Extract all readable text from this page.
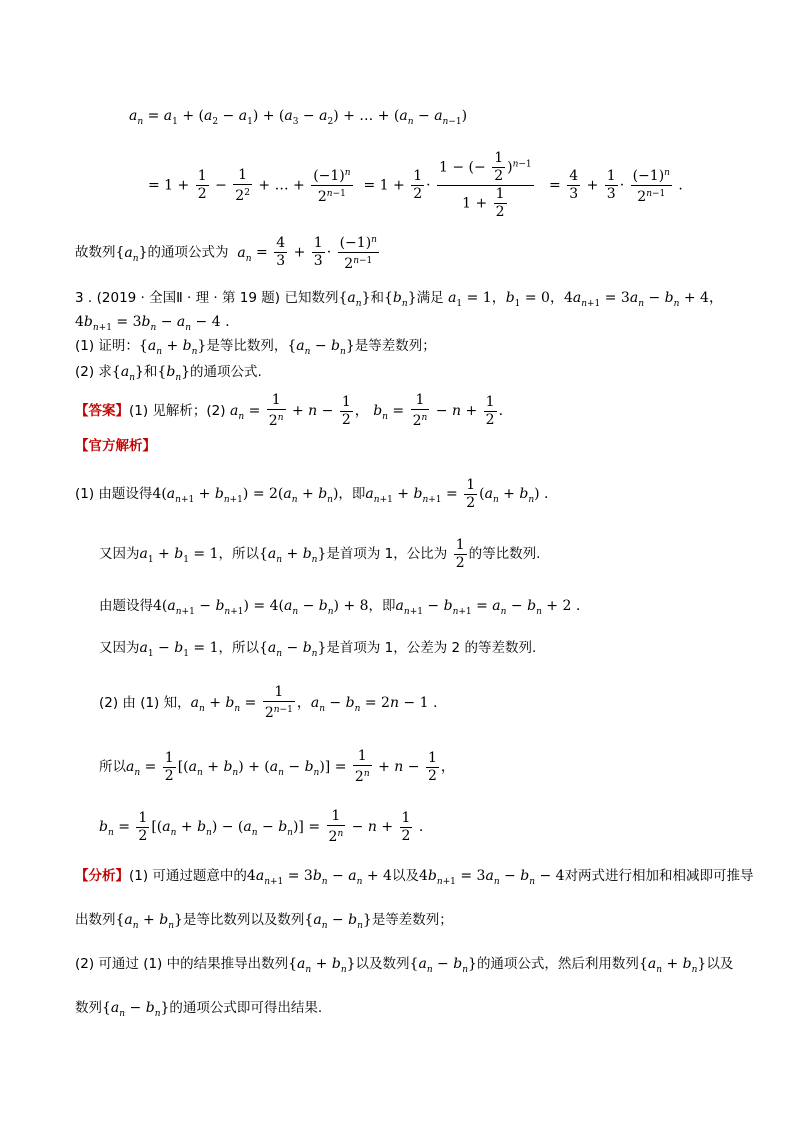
$a_n = a_1 + (a_2 - a_1) + (a_3 - a_2)$ + … + $(a_n - a_{n-1})$
= $1 + \frac{1}{2} - \frac{1}{2^2}$ + … + $\frac{(-1)^n}{2^{n-1}} = 1 + \frac{1}{2} \cdot \frac{1 - (- \frac{1}{2} )^{n-1}}{1 + \frac{1}{2}} = \frac{4}{3} + \frac{1}{3} \cdot \frac{(-1)^n}{2^{n-1}}$ .
故数列$\{a_n\}$的通项公式为 $a_n = \frac{4}{3} + \frac{1}{3} \cdot \frac{(-1)^n}{2^{n-1}}$
3 . (2019 · 全国Ⅱ · 理 · 第 19 题) 已知数列$\{a_n\}$和$\{b_n\}$满足 $a_1 = 1$，$b_1 = 0$，$4a_{n+1} = 3a_n - b_n + 4$，
$4b_{n+1} = 3b_n - a_n - 4$ .
(1) 证明：$\{a_n + b_n\}$是等比数列，$\{a_n - b_n\}$是等差数列；
(2) 求$\{a_n\}$和$\{b_n\}$的通项公式.
【答案】(1) 见解析；(2) $a_n = \frac{1}{2^n} + n - \frac{1}{2}$ ， $b_n = \frac{1}{2^n} - n + \frac{1}{2}$ .
【官方解析】
(1) 由题设得$4(a_{n+1} + b_{n+1}) = 2(a_n + b_n)$，即$a_{n+1} + b_{n+1} = \frac{1}{2} (a_n + b_n)$ .
又因为$a_1 + b_1 = 1$，所以$\{a_n + b_n\}$是首项为 1，公比为 $\frac{1}{2}$ 的等比数列.
由题设得$4(a_{n+1} - b_{n+1}) = 4(a_n - b_n) + 8$，即$a_{n+1} - b_{n+1} = a_n - b_n + 2$ .
又因为$a_1 - b_1 = 1$，所以$\{a_n - b_n\}$是首项为 1，公差为 2 的等差数列.
(2) 由 (1) 知，$a_n + b_n = \frac{1}{2^{n-1}}$ ，$a_n - b_n = 2n - 1$ .
所以$a_n = \frac{1}{2} [(a_n + b_n) + (a_n - b_n)] = \frac{1}{2^n} + n - \frac{1}{2}$ ，
$b_n = \frac{1}{2} [(a_n + b_n) - (a_n - b_n)] = \frac{1}{2^n} - n + \frac{1}{2}$ .
【分析】(1) 可通过题意中的$4a_{n+1} = 3b_n - a_n + 4$以及$4b_{n+1} = 3a_n - b_n - 4$对两式进行相加和相减即可推导
出数列$\{a_n + b_n\}$是等比数列以及数列$\{a_n - b_n\}$是等差数列；
(2) 可通过 (1) 中的结果推导出数列$\{a_n + b_n\}$以及数列$\{a_n - b_n\}$的通项公式，然后利用数列$\{a_n + b_n\}$以及
数列$\{a_n - b_n\}$的通项公式即可得出结果.
